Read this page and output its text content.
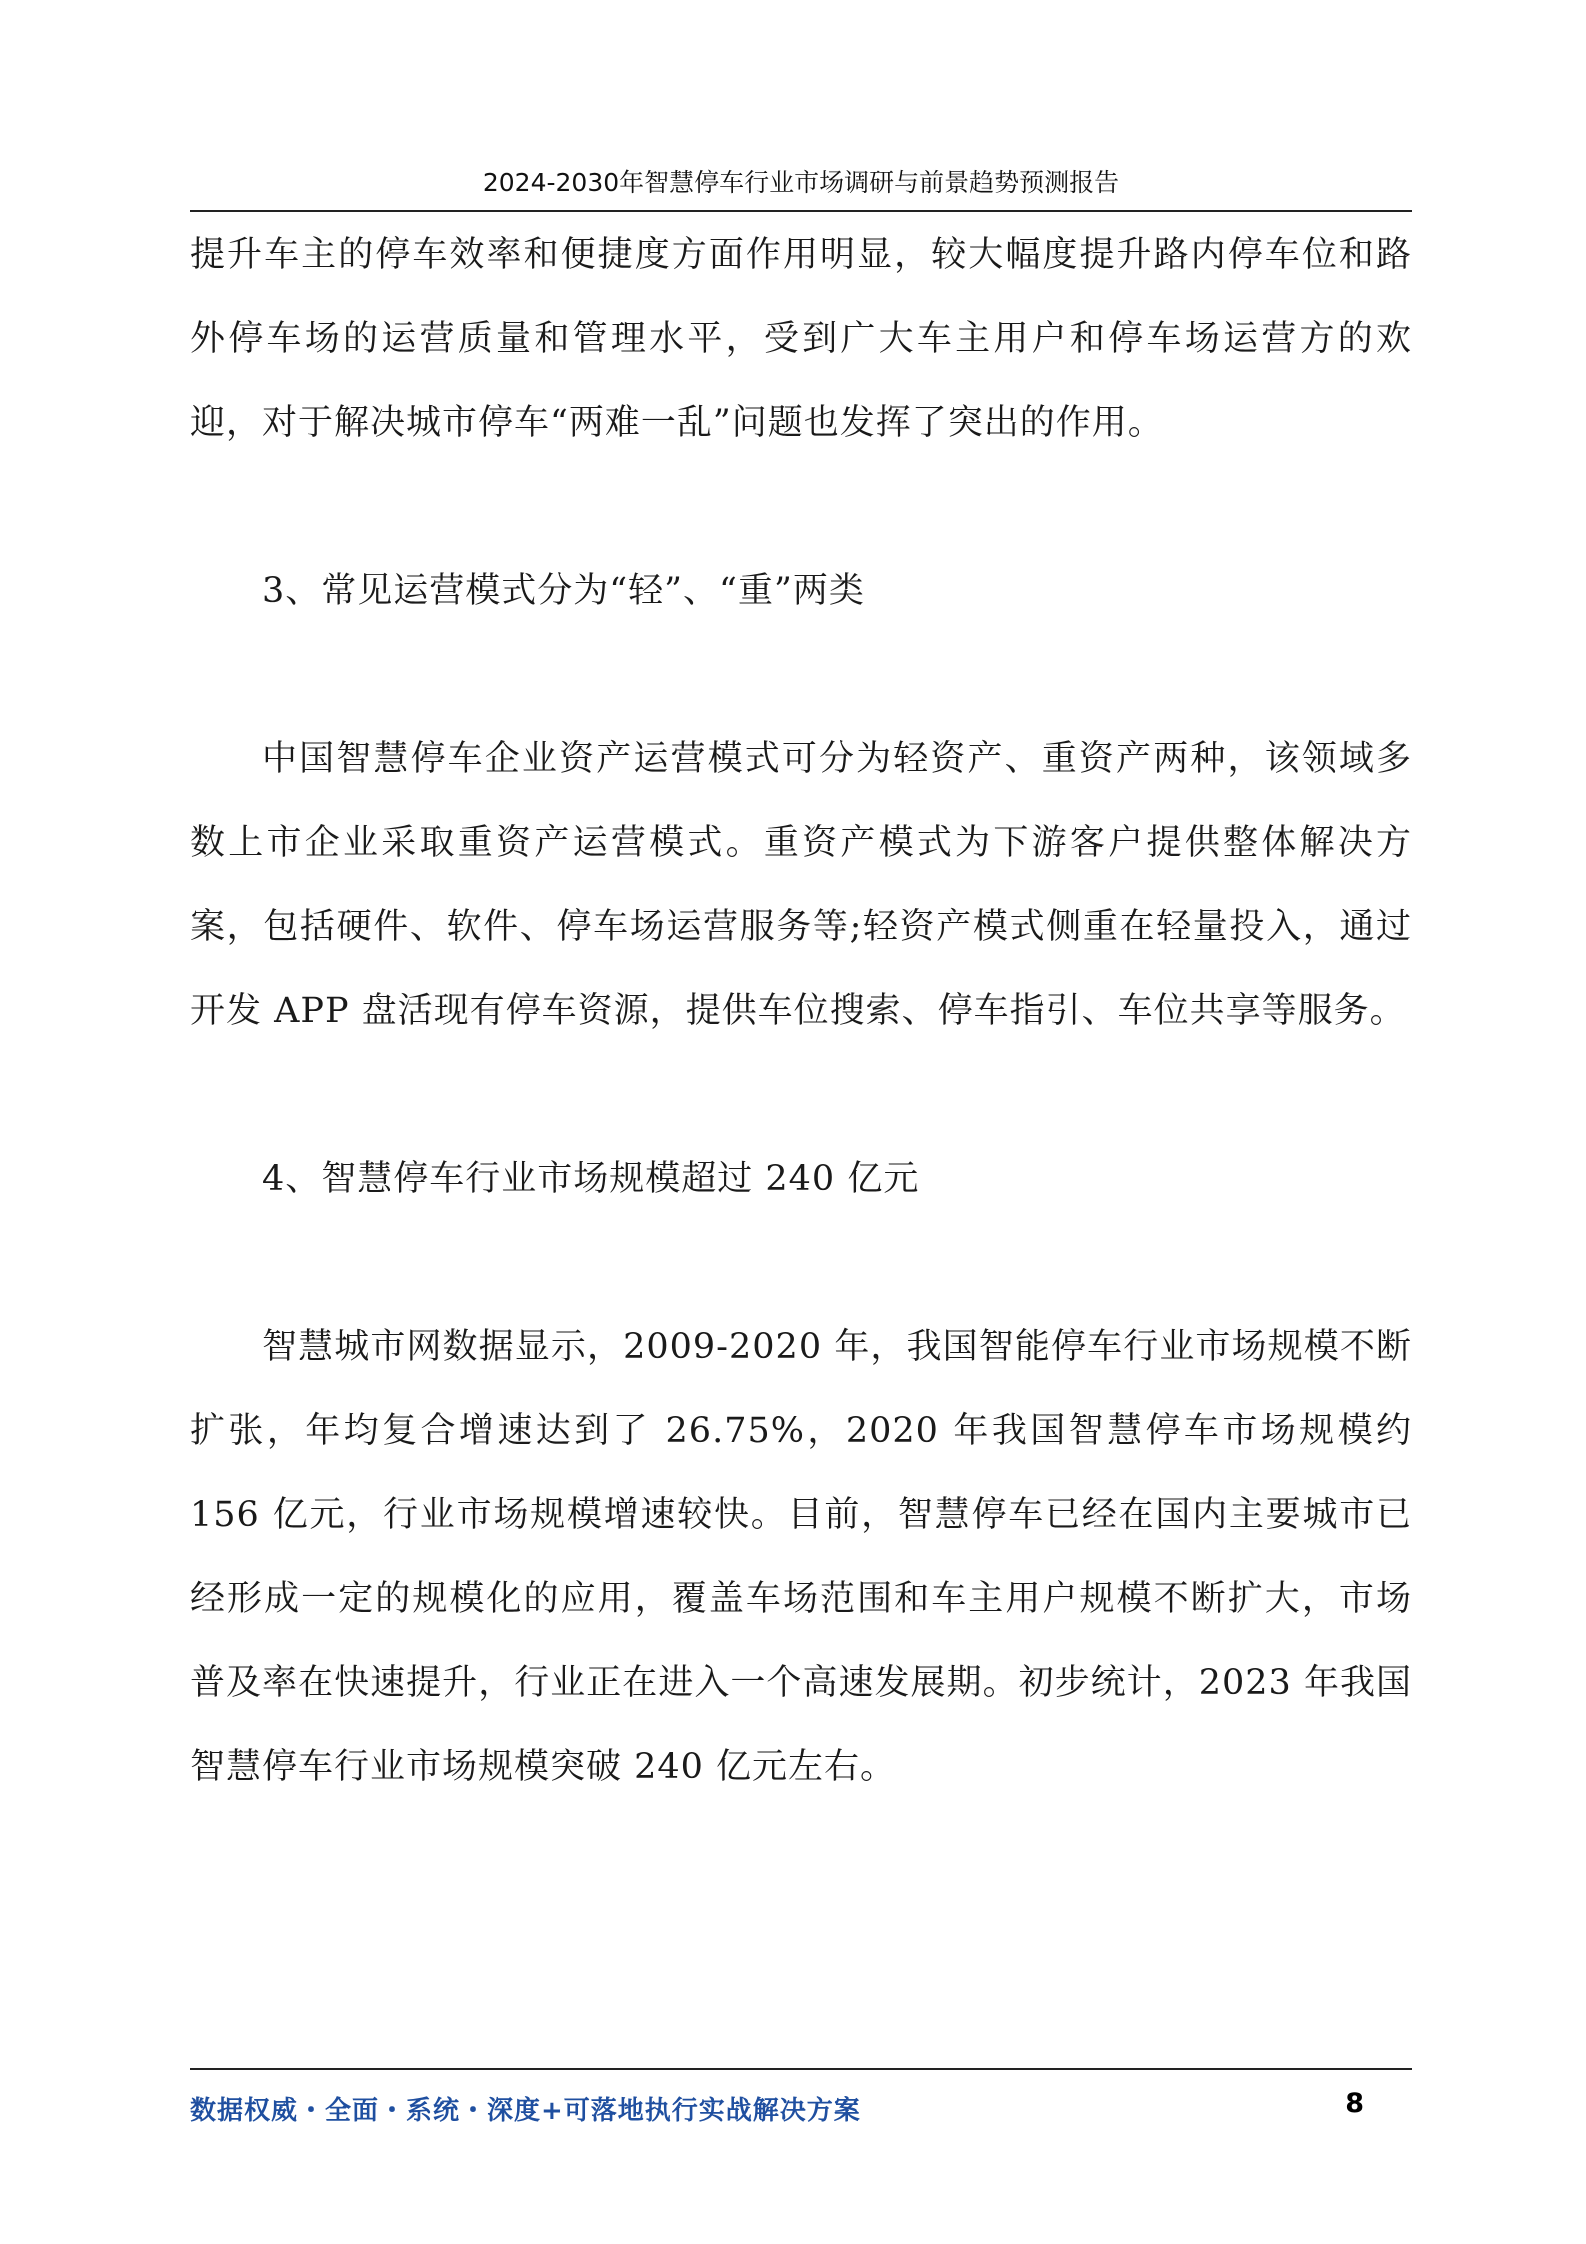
2024-2030年智慧停车行业市场调研与前景趋势预测报告

提升车主的停车效率和便捷度方面作用明显，较大幅度提升路内停车位和路外停车场的运营质量和管理水平，受到广大车主用户和停车场运营方的欢迎，对于解决城市停车“两难一乱”问题也发挥了突出的作用。

3、常见运营模式分为“轻”、“重”两类

中国智慧停车企业资产运营模式可分为轻资产、重资产两种，该领域多数上市企业采取重资产运营模式。重资产模式为下游客户提供整体解决方案，包括硬件、软件、停车场运营服务等;轻资产模式侧重在轻量投入，通过开发 APP 盘活现有停车资源，提供车位搜索、停车指引、车位共享等服务。

4、智慧停车行业市场规模超过 240 亿元

智慧城市网数据显示，2009-2020 年，我国智能停车行业市场规模不断扩张，年均复合增速达到了 26.75%，2020 年我国智慧停车市场规模约 156 亿元，行业市场规模增速较快。目前，智慧停车已经在国内主要城市已经形成一定的规模化的应用，覆盖车场范围和车主用户规模不断扩大，市场普及率在快速提升，行业正在进入一个高速发展期。初步统计，2023 年我国智慧停车行业市场规模突破 240 亿元左右。

数据权威・全面・系统・深度+可落地执行实战解决方案	8
